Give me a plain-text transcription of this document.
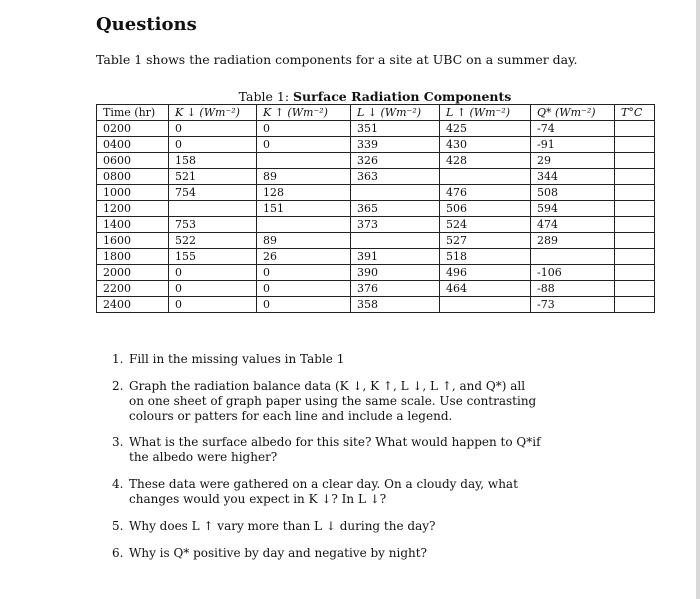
Questions
Table 1 shows the radiation components for a site at UBC on a summer day.
Table 1: Surface Radiation Components
Time (hr)	K ↓ (Wm⁻²)	K ↑ (Wm⁻²)	L ↓ (Wm⁻²)	L ↑ (Wm⁻²)	Q* (Wm⁻²)	T°C
0200	0	0	351	425	-74	
0400	0	0	339	430	-91	
0600	158		326	428	29	
0800	521	89	363		344	
1000	754	128		476	508	
1200		151	365	506	594	
1400	753		373	524	474	
1600	522	89		527	289	
1800	155	26	391	518		
2000	0	0	390	496	-106	
2200	0	0	376	464	-88	
2400	0	0	358		-73	
1. Fill in the missing values in Table 1
2. Graph the radiation balance data (K ↓, K ↑, L ↓, L ↑, and Q*) all on one sheet of graph paper using the same scale. Use contrasting colours or patters for each line and include a legend.
3. What is the surface albedo for this site? What would happen to Q*if the albedo were higher?
4. These data were gathered on a clear day. On a cloudy day, what changes would you expect in K ↓? In L ↓?
5. Why does L ↑ vary more than L ↓ during the day?
6. Why is Q* positive by day and negative by night?
